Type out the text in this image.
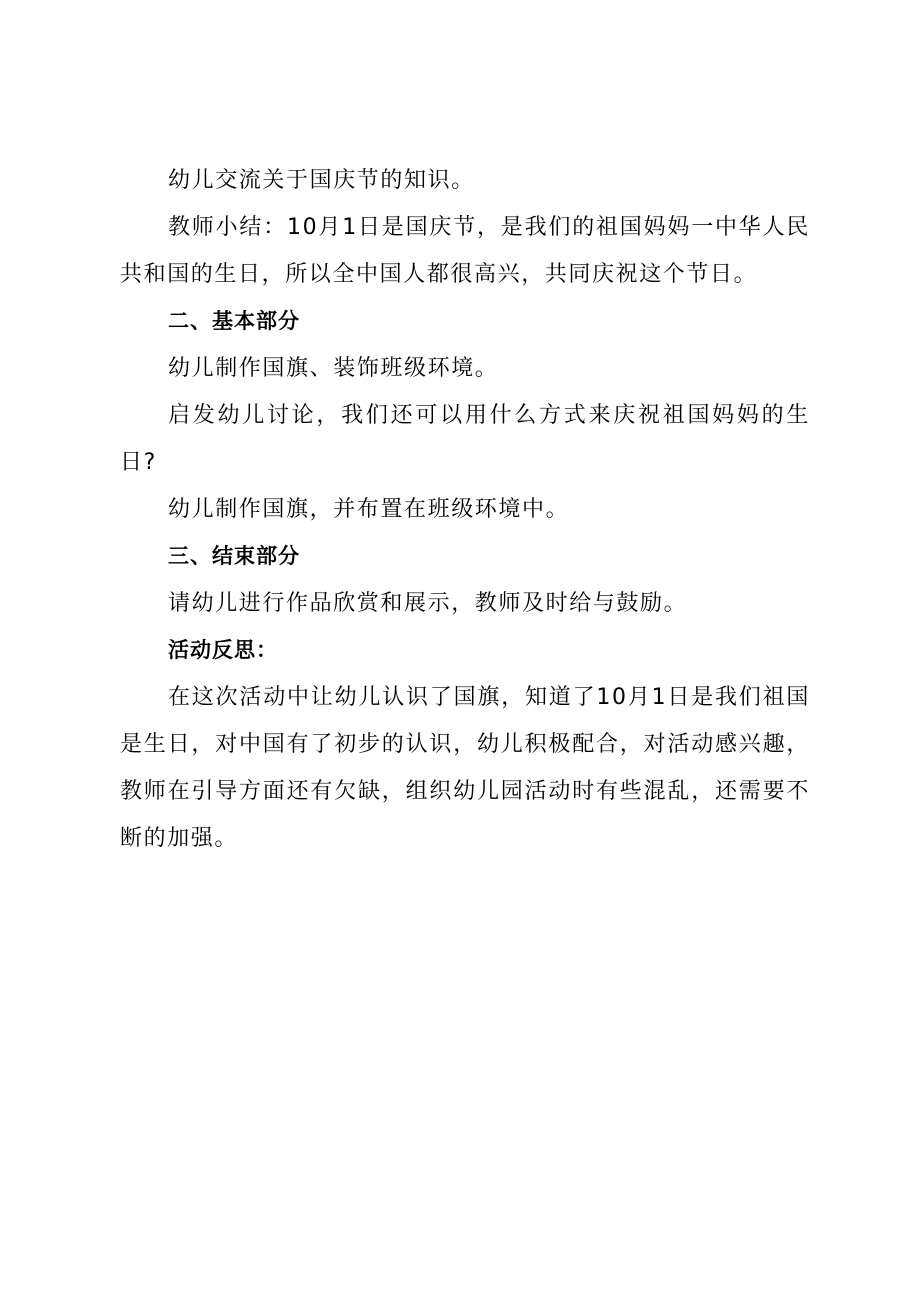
幼儿交流关于国庆节的知识。

教师小结：10月1日是国庆节，是我们的祖国妈妈一中华人民共和国的生日，所以全中国人都很高兴，共同庆祝这个节日。

二、基本部分

幼儿制作国旗、装饰班级环境。

启发幼儿讨论，我们还可以用什么方式来庆祝祖国妈妈的生日?

幼儿制作国旗，并布置在班级环境中。

三、结束部分

请幼儿进行作品欣赏和展示，教师及时给与鼓励。

活动反思：

在这次活动中让幼儿认识了国旗，知道了10月1日是我们祖国是生日，对中国有了初步的认识，幼儿积极配合，对活动感兴趣，教师在引导方面还有欠缺，组织幼儿园活动时有些混乱，还需要不断的加强。
